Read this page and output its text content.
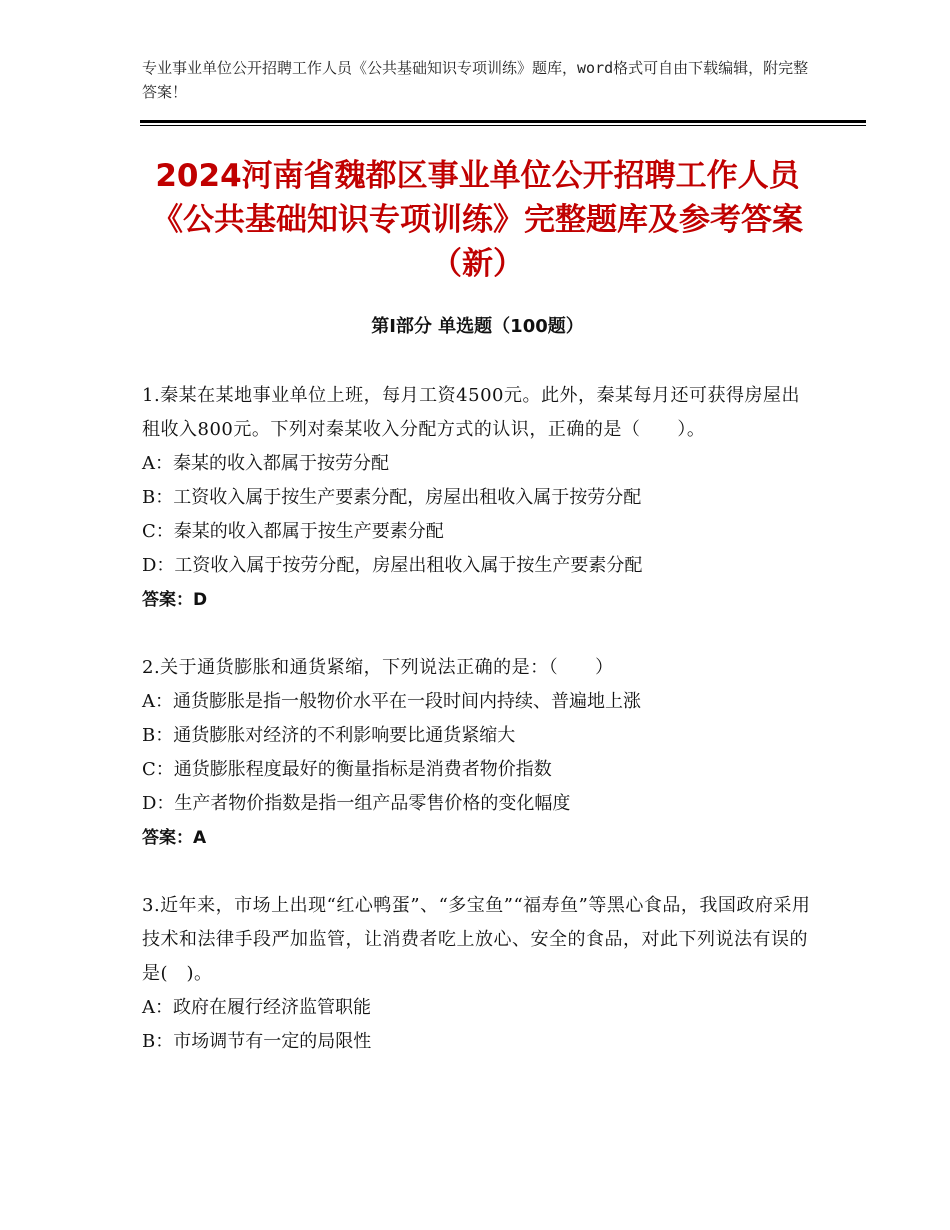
专业事业单位公开招聘工作人员《公共基础知识专项训练》题库，word格式可自由下载编辑，附完整答案！
2024河南省魏都区事业单位公开招聘工作人员《公共基础知识专项训练》完整题库及参考答案（新）
第Ⅰ部分 单选题（100题）
1.秦某在某地事业单位上班，每月工资4500元。此外，秦某每月还可获得房屋出租收入800元。下列对秦某收入分配方式的认识，正确的是（　　）。
A：秦某的收入都属于按劳分配
B：工资收入属于按生产要素分配，房屋出租收入属于按劳分配
C：秦某的收入都属于按生产要素分配
D：工资收入属于按劳分配，房屋出租收入属于按生产要素分配
答案：D
2.关于通货膨胀和通货紧缩，下列说法正确的是：（　　）
A：通货膨胀是指一般物价水平在一段时间内持续、普遍地上涨
B：通货膨胀对经济的不利影响要比通货紧缩大
C：通货膨胀程度最好的衡量指标是消费者物价指数
D：生产者物价指数是指一组产品零售价格的变化幅度
答案：A
3.近年来，市场上出现“红心鸭蛋”、“多宝鱼”“福寿鱼”等黑心食品，我国政府采用技术和法律手段严加监管，让消费者吃上放心、安全的食品，对此下列说法有误的是(　)。
A：政府在履行经济监管职能
B：市场调节有一定的局限性
